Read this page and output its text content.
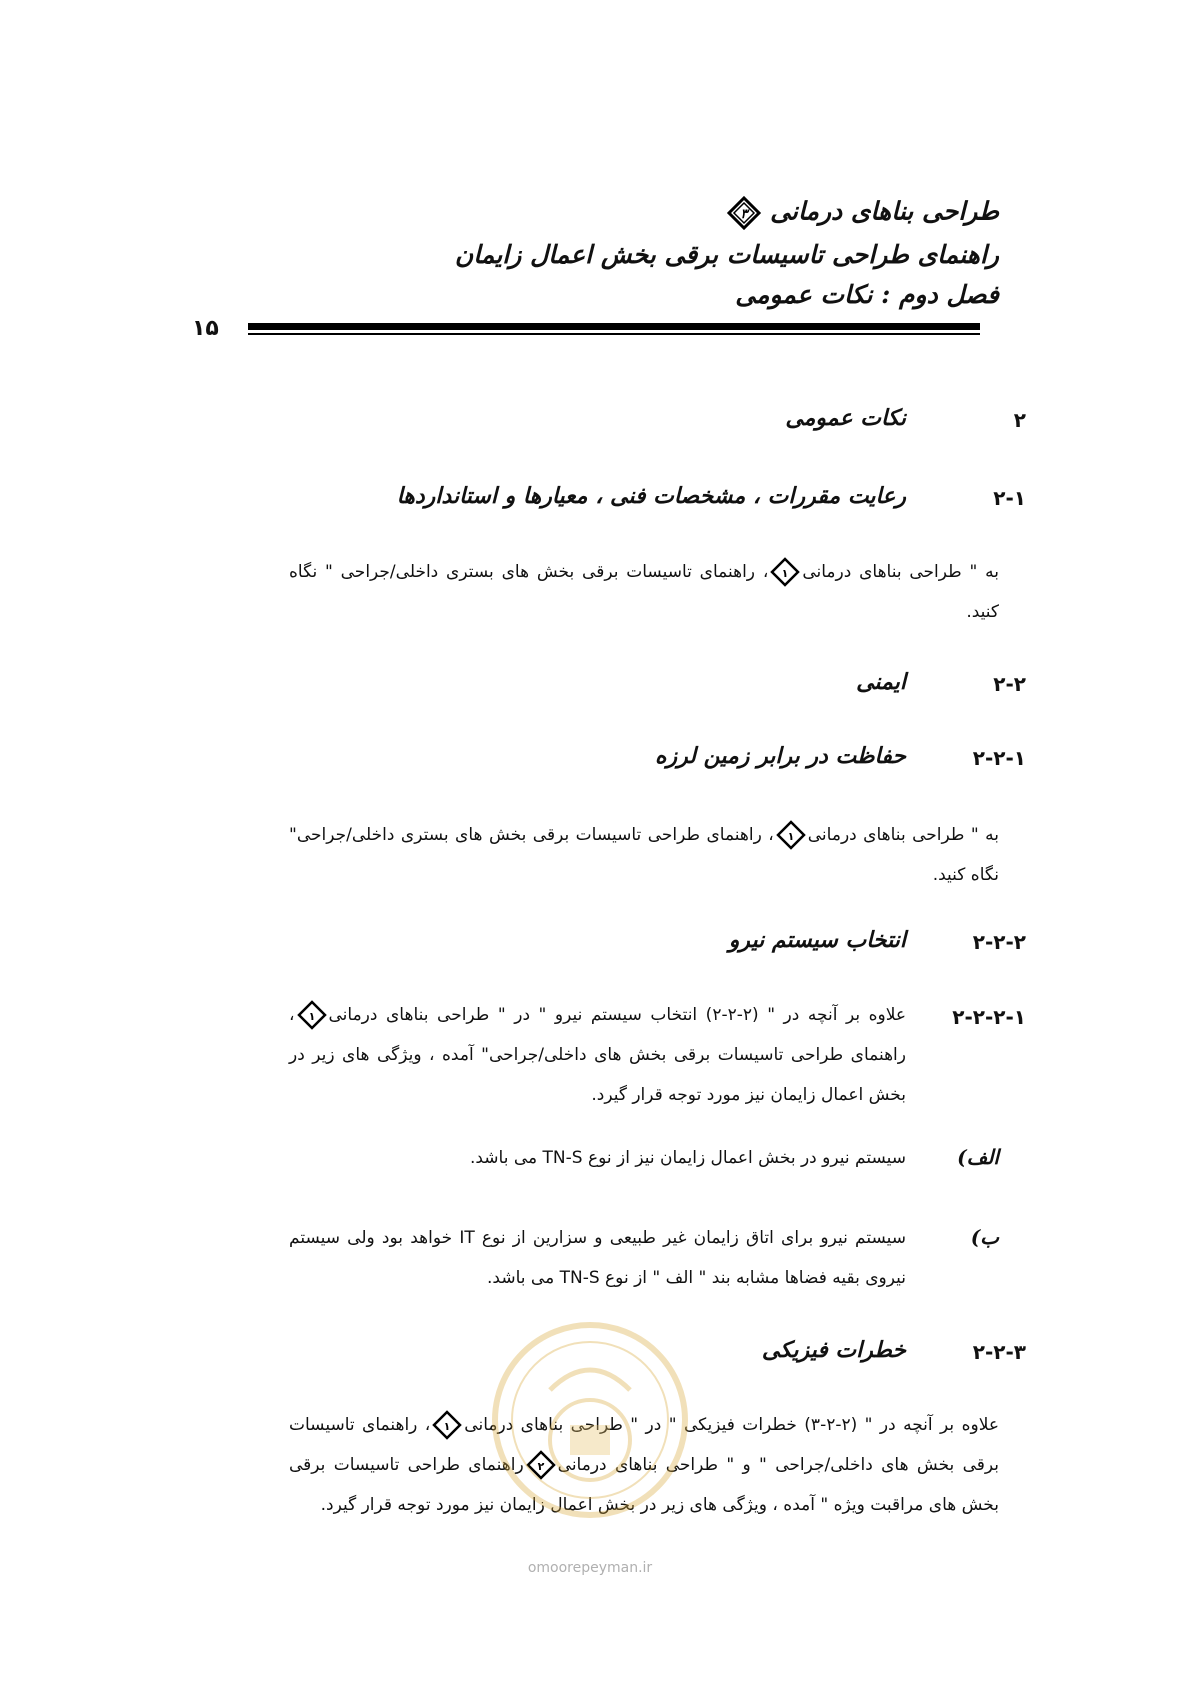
طراحی بناهای درمانی
۳
راهنمای طراحی تاسیسات برقی بخش اعمال زایمان
فصل دوم : نکات عمومی
۱۵
۲
نکات عمومی
۲-۱
رعایت مقررات ، مشخصات فنی ، معیارها و استانداردها
به " طراحی بناهای درمانی
۱
، راهنمای تاسیسات برقی بخش های بستری داخلی/جراحی " نگاه کنید.
۲-۲
ایمنی
۲-۲-۱
حفاظت در برابر زمین لرزه
به " طراحی بناهای درمانی
۱
، راهنمای طراحی تاسیسات برقی بخش های بستری داخلی/جراحی" نگاه کنید.
۲-۲-۲
انتخاب سیستم نیرو
۲-۲-۲-۱
علاوه بر آنچه در " (۲-۲-۲) انتخاب سیستم نیرو " در " طراحی بناهای درمانی
۱
، راهنمای طراحی تاسیسات برقی بخش های داخلی/جراحی" آمده ، ویژگی های زیر در بخش اعمال زایمان نیز مورد توجه قرار گیرد.
الف)
سیستم نیرو در بخش اعمال زایمان نیز از نوع TN-S می باشد.
ب)
سیستم نیرو برای اتاق زایمان غیر طبیعی و سزارین از نوع IT خواهد بود ولی سیستم نیروی بقیه فضاها مشابه بند " الف " از نوع TN-S می باشد.
۲-۲-۳
خطرات فیزیکی
علاوه بر آنچه در " (۲-۲-۳) خطرات فیزیکی " در " طراحی بناهای درمانی
۱
، راهنمای تاسیسات برقی بخش های داخلی/جراحی " و " طراحی بناهای درمانی
۲
راهنمای طراحی تاسیسات برقی بخش های مراقبت ویژه " آمده ، ویژگی های زیر در بخش اعمال زایمان نیز مورد توجه قرار گیرد.
omoorepeyman.ir
